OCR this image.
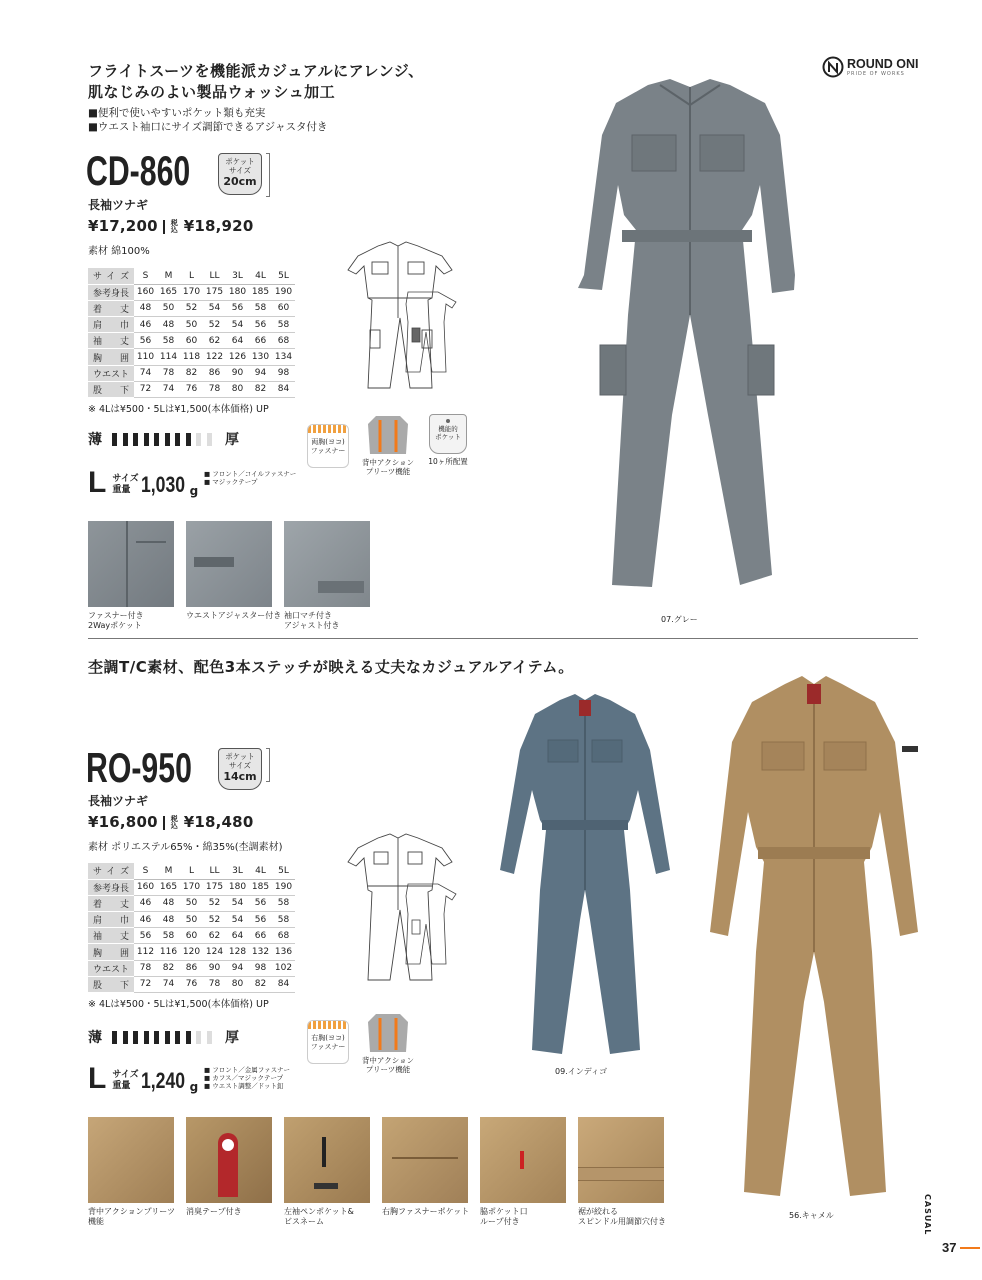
ROUND ONI
PRIDE OF WORKS
フライトスーツを機能派カジュアルにアレンジ、
肌なじみのよい製品ウォッシュ加工
■便利で使いやすいポケット類も充実
■ウエスト袖口にサイズ調節できるアジャスタ付き
CD-860	ポケット
サイズ
20cm
長袖ツナギ
¥17,200 税込 ¥18,920
素材 綿100%
サイズ	S	M	L	LL	3L	4L	5L
参考身長	160	165	170	175	180	185	190
着丈	48	50	52	54	56	58	60
肩巾	46	48	50	52	54	56	58
袖丈	56	58	60	62	64	66	68
胸囲	110	114	118	122	126	130	134
ウエスト	74	78	82	86	90	94	98
股下	72	74	76	78	80	82	84
※ 4Lは¥500・5Lは¥1,500(本体価格) UP
薄	厚
L サイズ
重量 1,030 g
■ フロント／コイルファスナー
■ マジックテープ
両胸(ヨコ)
ファスナー
背中アクション
プリーツ機能
機能的
ポケット
10ヶ所配置
07.グレー
ファスナー付き
2Wayポケット
ウエストアジャスター付き 袖口マチ付き
アジャスト付き
杢調T/C素材、配色3本ステッチが映える丈夫なカジュアルアイテム。
RO-950	ポケット
サイズ
14cm
長袖ツナギ
¥16,800 税込 ¥18,480
素材 ポリエステル65%・綿35%(杢調素材)
サイズ	S	M	L	LL	3L	4L	5L
参考身長	160	165	170	175	180	185	190
着丈	46	48	50	52	54	56	58
肩巾	46	48	50	52	54	56	58
袖丈	56	58	60	62	64	66	68
胸囲	112	116	120	124	128	132	136
ウエスト	78	82	86	90	94	98	102
股下	72	74	76	78	80	82	84
※ 4Lは¥500・5Lは¥1,500(本体価格) UP
薄	厚
L サイズ
重量 1,240 g
■ フロント／金属ファスナー
■ カフス／マジックテープ
■ ウエスト調整／ドット釦
右胸(ヨコ)
ファスナー
背中アクション
プリーツ機能	09.インディゴ
56.キャメル
背中アクションプリーツ
機能
消臭テープ付き	左袖ペンポケット&
ビスネーム
右胸ファスナーポケット 脇ポケット口
ループ付き
裾が絞れる
スピンドル用調節穴付き	CASUAL
37
